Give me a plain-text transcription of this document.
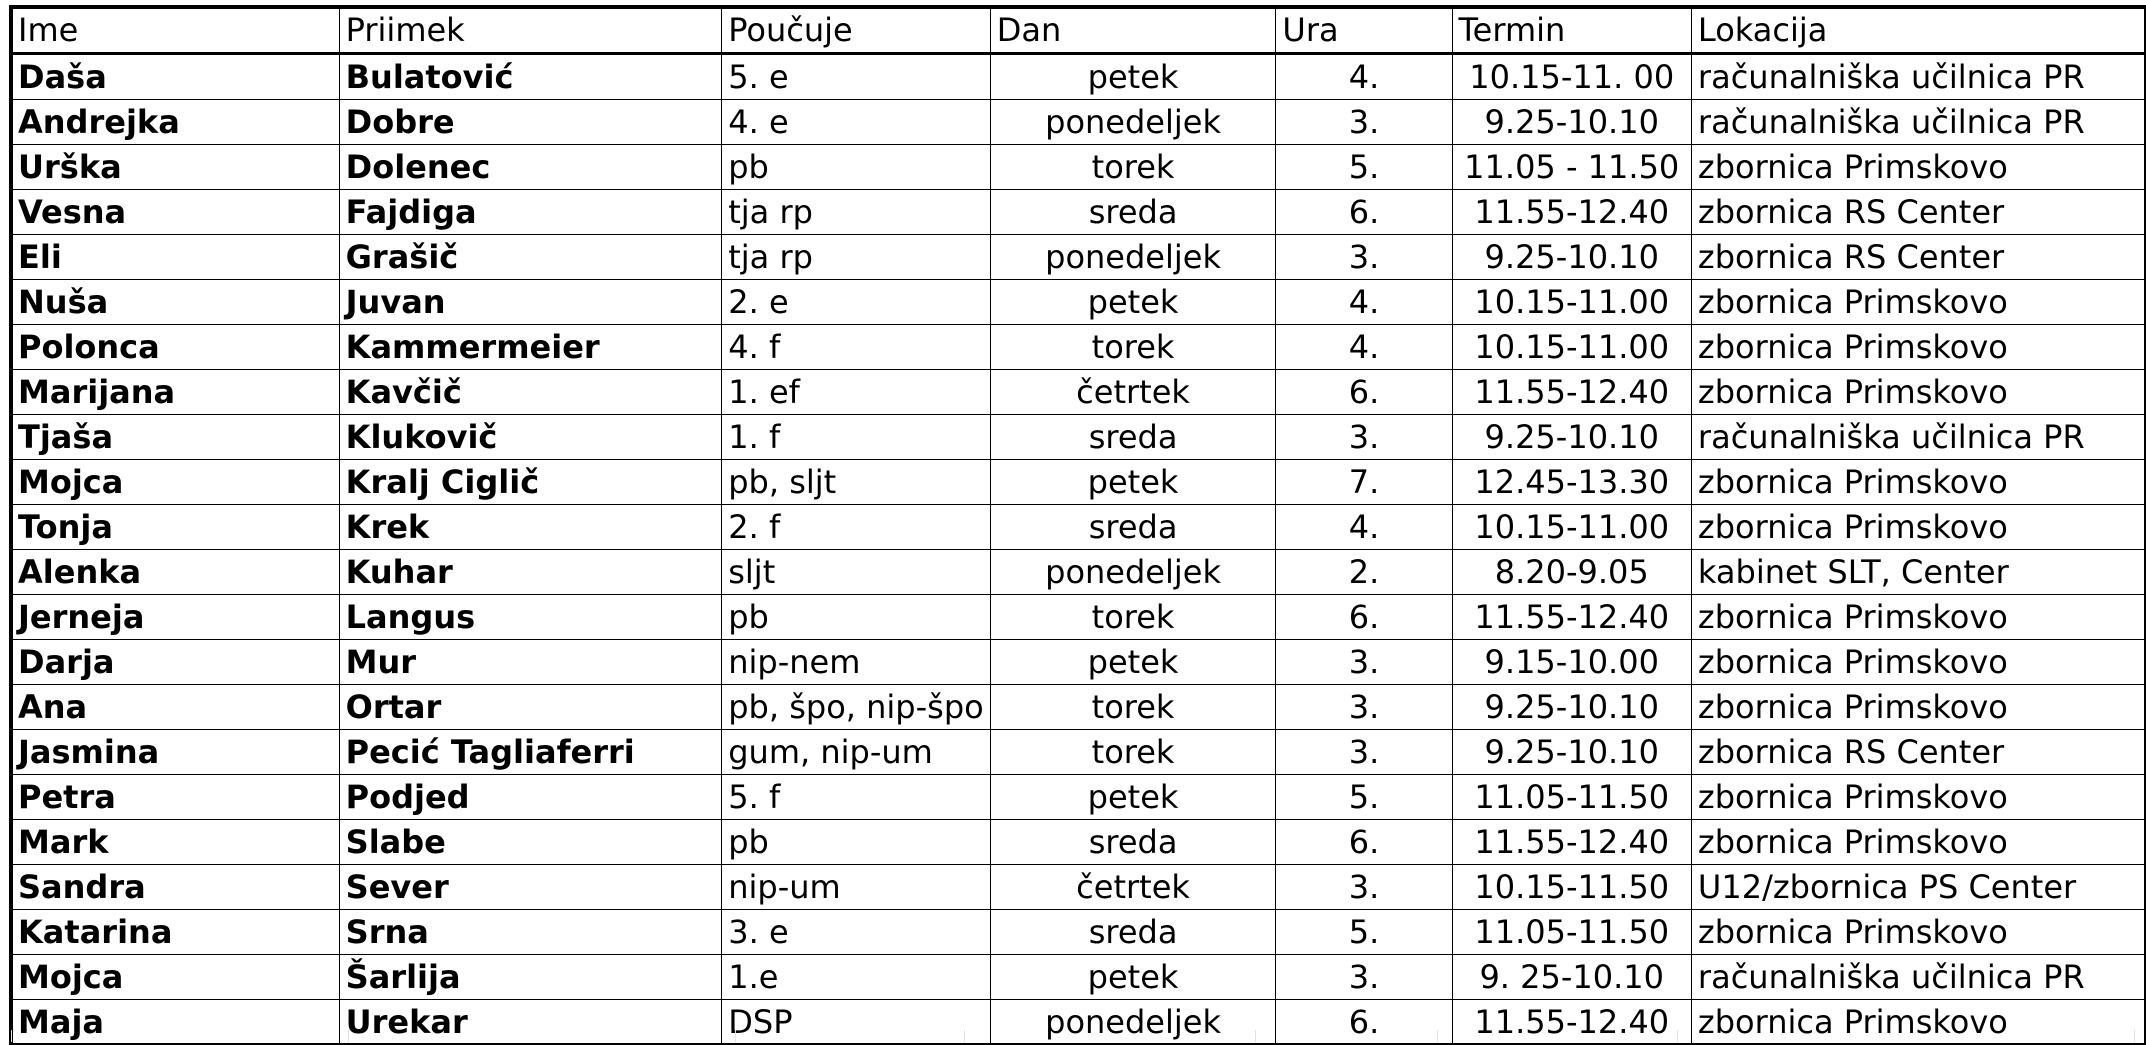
Ime	Priimek	Poučuje	Dan	Ura	Termin	Lokacija
Daša	Bulatović	5. e	petek	4.	10.15-11. 00	računalniška učilnica PR
Andrejka	Dobre	4. e	ponedeljek	3.	9.25-10.10	računalniška učilnica PR
Urška	Dolenec	pb	torek	5.	11.05 - 11.50	zbornica Primskovo
Vesna	Fajdiga	tja rp	sreda	6.	11.55-12.40	zbornica RS Center
Eli	Grašič	tja rp	ponedeljek	3.	9.25-10.10	zbornica RS Center
Nuša	Juvan	2. e	petek	4.	10.15-11.00	zbornica Primskovo
Polonca	Kammermeier	4. f	torek	4.	10.15-11.00	zbornica Primskovo
Marijana	Kavčič	1. ef	četrtek	6.	11.55-12.40	zbornica Primskovo
Tjaša	Klukovič	1. f	sreda	3.	9.25-10.10	računalniška učilnica PR
Mojca	Kralj Ciglič	pb, sljt	petek	7.	12.45-13.30	zbornica Primskovo
Tonja	Krek	2. f	sreda	4.	10.15-11.00	zbornica Primskovo
Alenka	Kuhar	sljt	ponedeljek	2.	8.20-9.05	kabinet SLT, Center
Jerneja	Langus	pb	torek	6.	11.55-12.40	zbornica Primskovo
Darja	Mur	nip-nem	petek	3.	9.15-10.00	zbornica Primskovo
Ana	Ortar	pb, špo, nip-špo	torek	3.	9.25-10.10	zbornica Primskovo
Jasmina	Pecić Tagliaferri	gum, nip-um	torek	3.	9.25-10.10	zbornica RS Center
Petra	Podjed	5. f	petek	5.	11.05-11.50	zbornica Primskovo
Mark	Slabe	pb	sreda	6.	11.55-12.40	zbornica Primskovo
Sandra	Sever	nip-um	četrtek	3.	10.15-11.50	U12/zbornica PS Center
Katarina	Srna	3. e	sreda	5.	11.05-11.50	zbornica Primskovo
Mojca	Šarlija	1.e	petek	3.	9. 25-10.10	računalniška učilnica PR
Maja	Urekar	DSP	ponedeljek	6.	11.55-12.40	zbornica Primskovo
